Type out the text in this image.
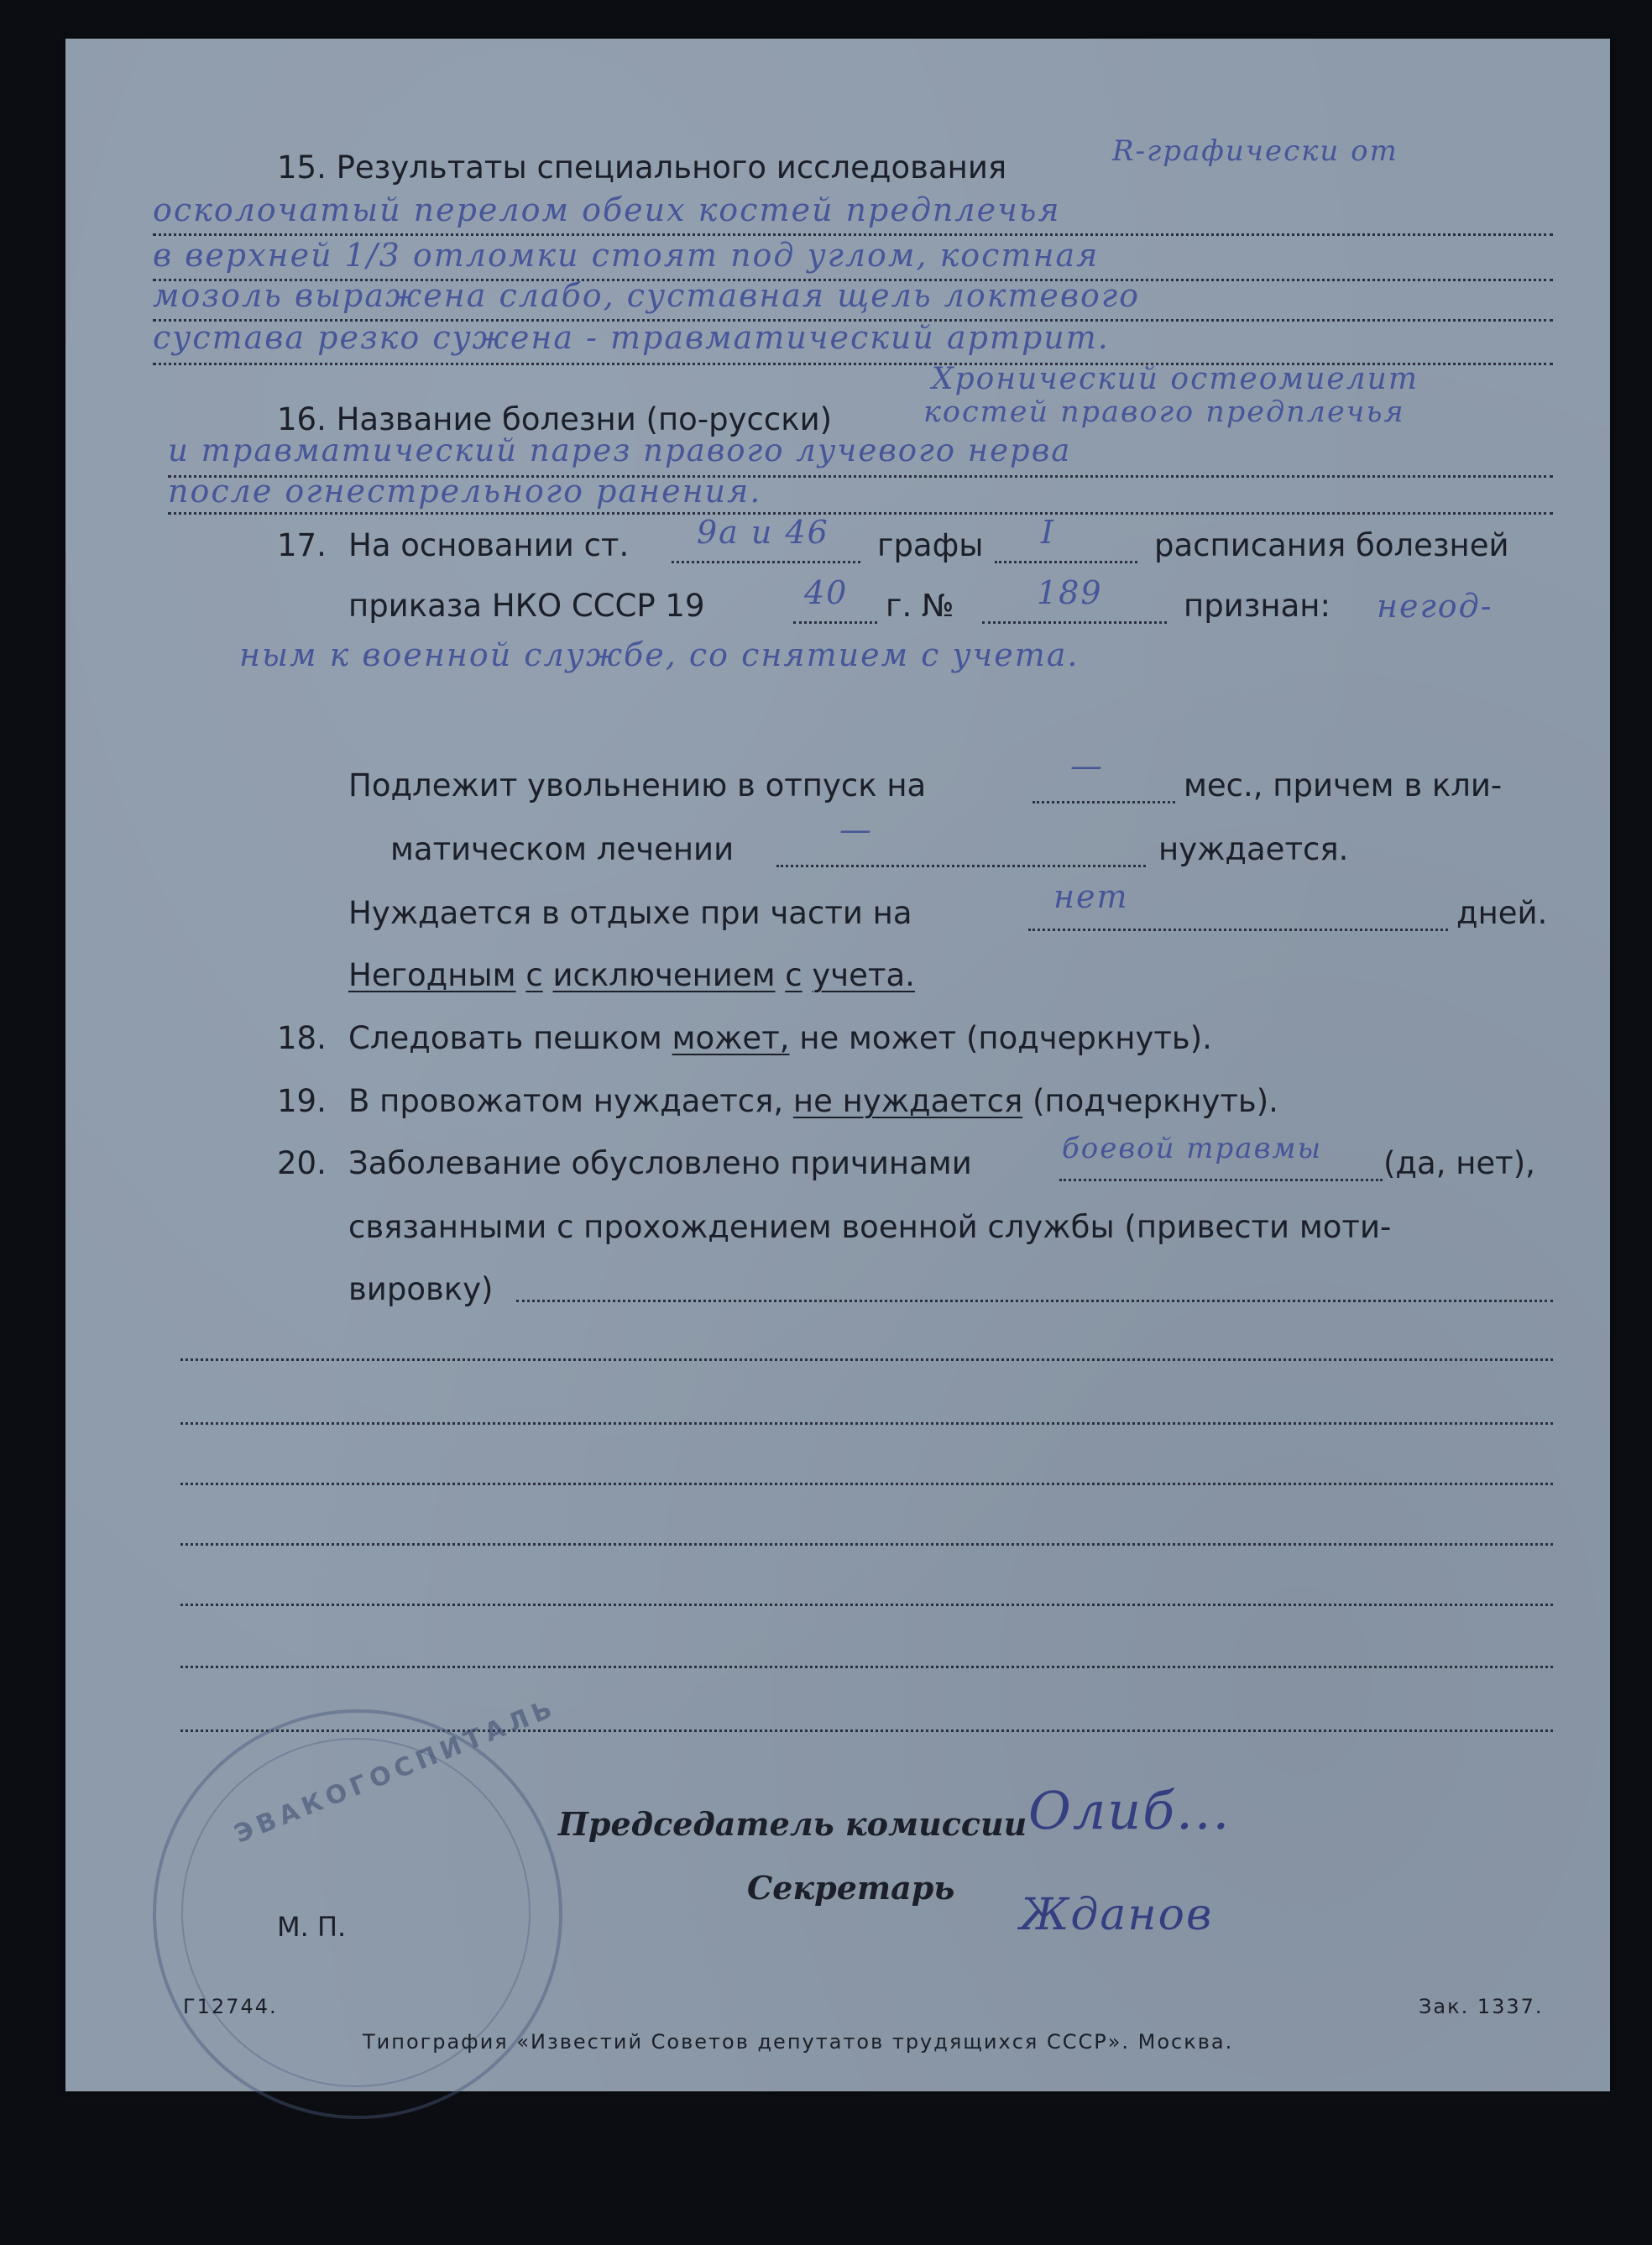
15. Результаты специального исследования	R-графически от
осколочатый перелом обеих костей предплечья
в верхней 1/3 отломки стоят под углом, костная
мозоль выражена слабо, суставная щель локтевого
сустава резко сужена - травматический артрит.
Хронический остеомиелит
16. Название болезни (по-русски)	костей правого предплечья
и травматический парез правого лучевого нерва
после огнестрельного ранения.
17. На основании ст. 9а и 46 графы I	расписания болезней
приказа НКО СССР 19	40 г. №	189	признан: негод-
ным к военной службе, со снятием с учета.
Подлежит увольнению в отпуск на
—
мес., причем в кли-
матическом лечении
—
нуждается.
Нуждается в отдыхе при части на	нет	дней.
Негодным с исключением с учета.
18. Следовать пешком может, не может (подчеркнуть).
19. В провожатом нуждается, не нуждается (подчеркнуть).
20. Заболевание обусловлено причинами	боевой травмы (да, нет),
связанными с прохождением военной службы (привести моти-
вировку)
ЭВАКОГОСПИТАЛЬ
Председатель комиссии Олиб...
Секретарь
Жданов
М. П.
Г12744.	Зак. 1337.
Типография «Известий Советов депутатов трудящихся СССР». Москва.
